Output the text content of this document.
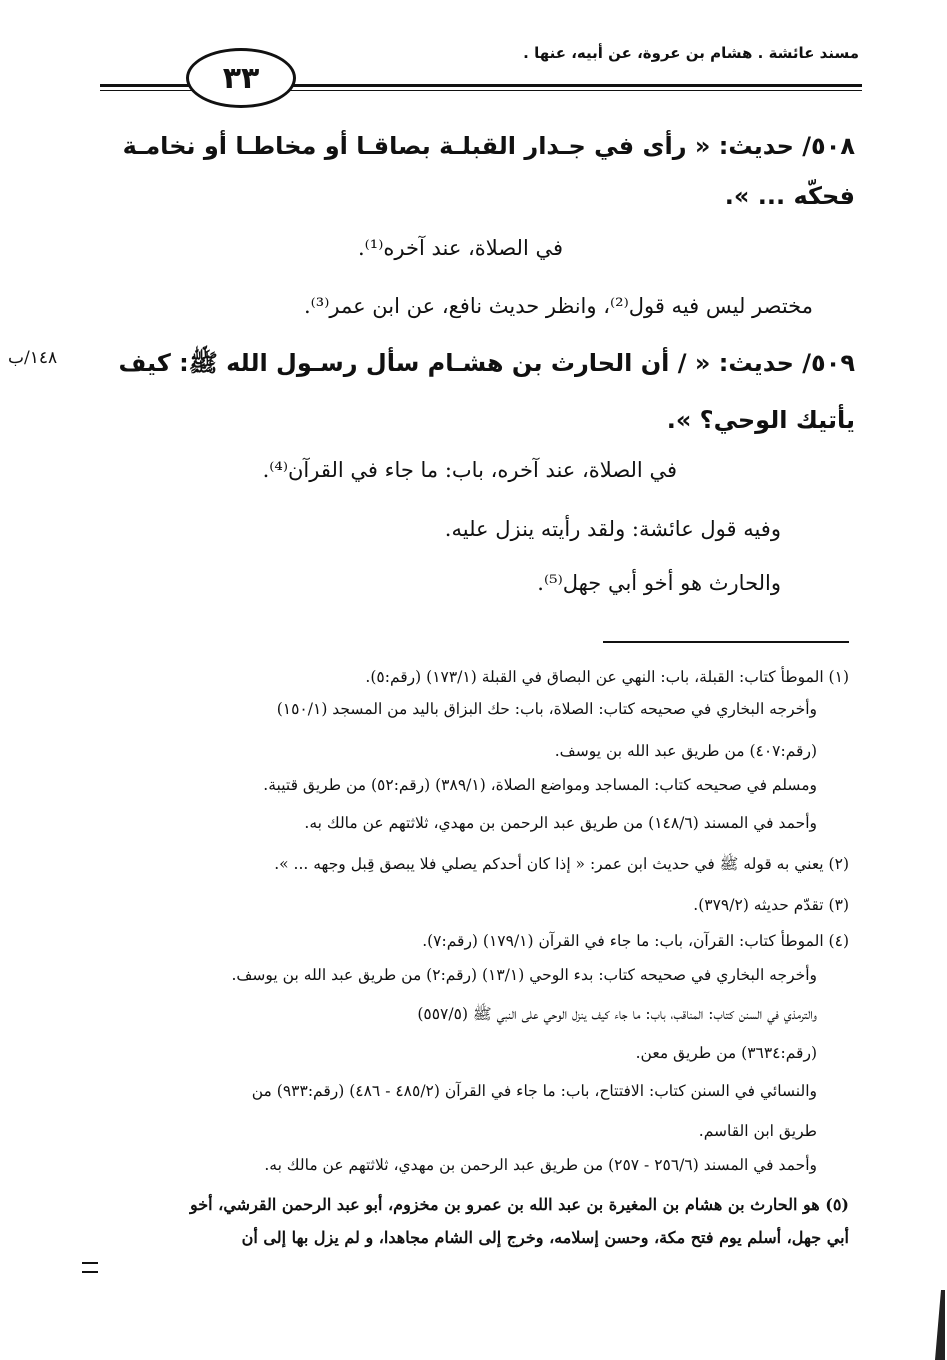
مسند عائشة . هشام بن عروة، عن أبيه، عنها .
٣٣
٥٠٨/ حديث: « رأى في جـدار القبلـة بصاقـا أو مخاطـا أو نخامـة
فحكّه ... ».
في الصلاة، عند آخره⁽¹⁾.
مختصر ليس فيه قول⁽²⁾، وانظر حديث نافع، عن ابن عمر⁽³⁾.
١٤٨/ب	٥٠٩/ حديث: « / أن الحارث بن هشـام سأل رسـول الله ﷺ: كيف
يأتيك الوحي؟ ».
في الصلاة، عند آخره، باب: ما جاء في القرآن⁽⁴⁾.
وفيه قول عائشة: ولقد رأيته ينزل عليه.
والحارث هو أخو أبي جهل⁽⁵⁾.
(١) الموطأ كتاب: القبلة، باب: النهي عن البصاق في القبلة (١٧٣/١) (رقم:٥).
وأخرجه البخاري في صحيحه كتاب: الصلاة، باب: حك البزاق باليد من المسجد (١٥٠/١)
(رقم:٤٠٧) من طريق عبد الله بن يوسف.
ومسلم في صحيحه كتاب: المساجد ومواضع الصلاة، (٣٨٩/١) (رقم:٥٢) من طريق قتيبة.
وأحمد في المسند (١٤٨/٦) من طريق عبد الرحمن بن مهدي، ثلاثتهم عن مالك به.
(٢) يعني به قوله ﷺ في حديث ابن عمر: « إذا كان أحدكم يصلي فلا يبصق قِبل وجهه ... ».
(٣) تقدّم حديثه (٣٧٩/٢).
(٤) الموطأ كتاب: القرآن، باب: ما جاء في القرآن (١٧٩/١) (رقم:٧).
وأخرجه البخاري في صحيحه كتاب: بدء الوحي (١٣/١) (رقم:٢) من طريق عبد الله بن يوسف.
والترمذي في السنن كتاب: المناقب، باب: ما جاء كيف ينزل الوحي على النبي ﷺ (٥٥٧/٥)
(رقم:٣٦٣٤) من طريق معن.
والنسائي في السنن كتاب: الافتتاح، باب: ما جاء في القرآن (٤٨٥/٢ - ٤٨٦) (رقم:٩٣٣) من
طريق ابن القاسم.
وأحمد في المسند (٢٥٦/٦ - ٢٥٧) من طريق عبد الرحمن بن مهدي، ثلاثتهم عن مالك به.
(٥) هو الحارث بن هشام بن المغيرة بن عبد الله بن عمرو بن مخزوم، أبو عبد الرحمن القرشي، أخو
أبي جهل، أسلم يوم فتح مكة، وحسن إسلامه، وخرج إلى الشام مجاهدا، و لم يزل بها إلى أن
